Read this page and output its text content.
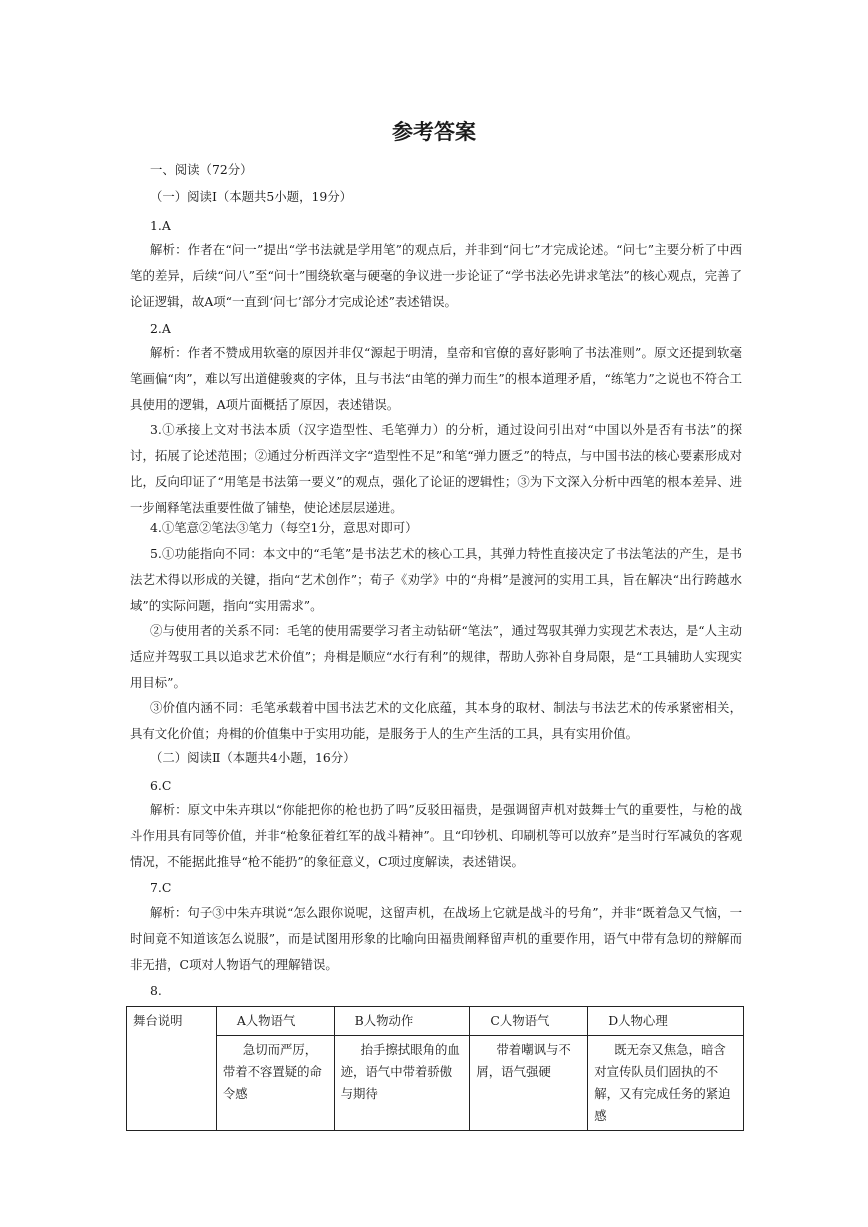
参考答案
一、阅读（72分）
（一）阅读Ⅰ（本题共5小题，19分）
1.A
解析：作者在“问一”提出“学书法就是学用笔”的观点后，并非到“问七”才完成论述。“问七”主要分析了中西笔的差异，后续“问八”至“问十”围绕软毫与硬毫的争议进一步论证了“学书法必先讲求笔法”的核心观点，完善了论证逻辑，故A项“一直到‘问七’部分才完成论述”表述错误。
2.A
解析：作者不赞成用软毫的原因并非仅“源起于明清，皇帝和官僚的喜好影响了书法准则”。原文还提到软毫笔画偏“肉”，难以写出道健骏爽的字体，且与书法“由笔的弹力而生”的根本道理矛盾，“练笔力”之说也不符合工具使用的逻辑，A项片面概括了原因，表述错误。
3.①承接上文对书法本质（汉字造型性、毛笔弹力）的分析，通过设问引出对“中国以外是否有书法”的探讨，拓展了论述范围；②通过分析西洋文字“造型性不足”和笔“弹力匮乏”的特点，与中国书法的核心要素形成对比，反向印证了“用笔是书法第一要义”的观点，强化了论证的逻辑性；③为下文深入分析中西笔的根本差异、进一步阐释笔法重要性做了铺垫，使论述层层递进。
4.①笔意②笔法③笔力（每空1分，意思对即可）
5.①功能指向不同：本文中的“毛笔”是书法艺术的核心工具，其弹力特性直接决定了书法笔法的产生，是书法艺术得以形成的关键，指向“艺术创作”；荀子《劝学》中的“舟楫”是渡河的实用工具，旨在解决“出行跨越水域”的实际问题，指向“实用需求”。
②与使用者的关系不同：毛笔的使用需要学习者主动钻研“笔法”，通过驾驭其弹力实现艺术表达，是“人主动适应并驾驭工具以追求艺术价值”；舟楫是顺应“水行有利”的规律，帮助人弥补自身局限，是“工具辅助人实现实用目标”。
③价值内涵不同：毛笔承载着中国书法艺术的文化底蕴，其本身的取材、制法与书法艺术的传承紧密相关，具有文化价值；舟楫的价值集中于实用功能，是服务于人的生产生活的工具，具有实用价值。
（二）阅读Ⅱ（本题共4小题，16分）
6.C
解析：原文中朱卉琪以“你能把你的枪也扔了吗”反驳田福贵，是强调留声机对鼓舞士气的重要性，与枪的战斗作用具有同等价值，并非“枪象征着红军的战斗精神”。且“印钞机、印刷机等可以放弃”是当时行军减负的客观情况，不能据此推导“枪不能扔”的象征意义，C项过度解读，表述错误。
7.C
解析：句子③中朱卉琪说“怎么跟你说呢，这留声机，在战场上它就是战斗的号角”，并非“既着急又气恼，一时间竟不知道该怎么说服”，而是试图用形象的比喻向田福贵阐释留声机的重要作用，语气中带有急切的辩解而非无措，C项对人物语气的理解错误。
8.
舞台说明	A人物语气	B人物动作	C人物语气	D人物心理
	急切而严厉，带着不容置疑的命令感	抬手擦拭眼角的血迹，语气中带着骄傲与期待	带着嘲讽与不屑，语气强硬	既无奈又焦急，暗含对宣传队员们固执的不解，又有完成任务的紧迫感
